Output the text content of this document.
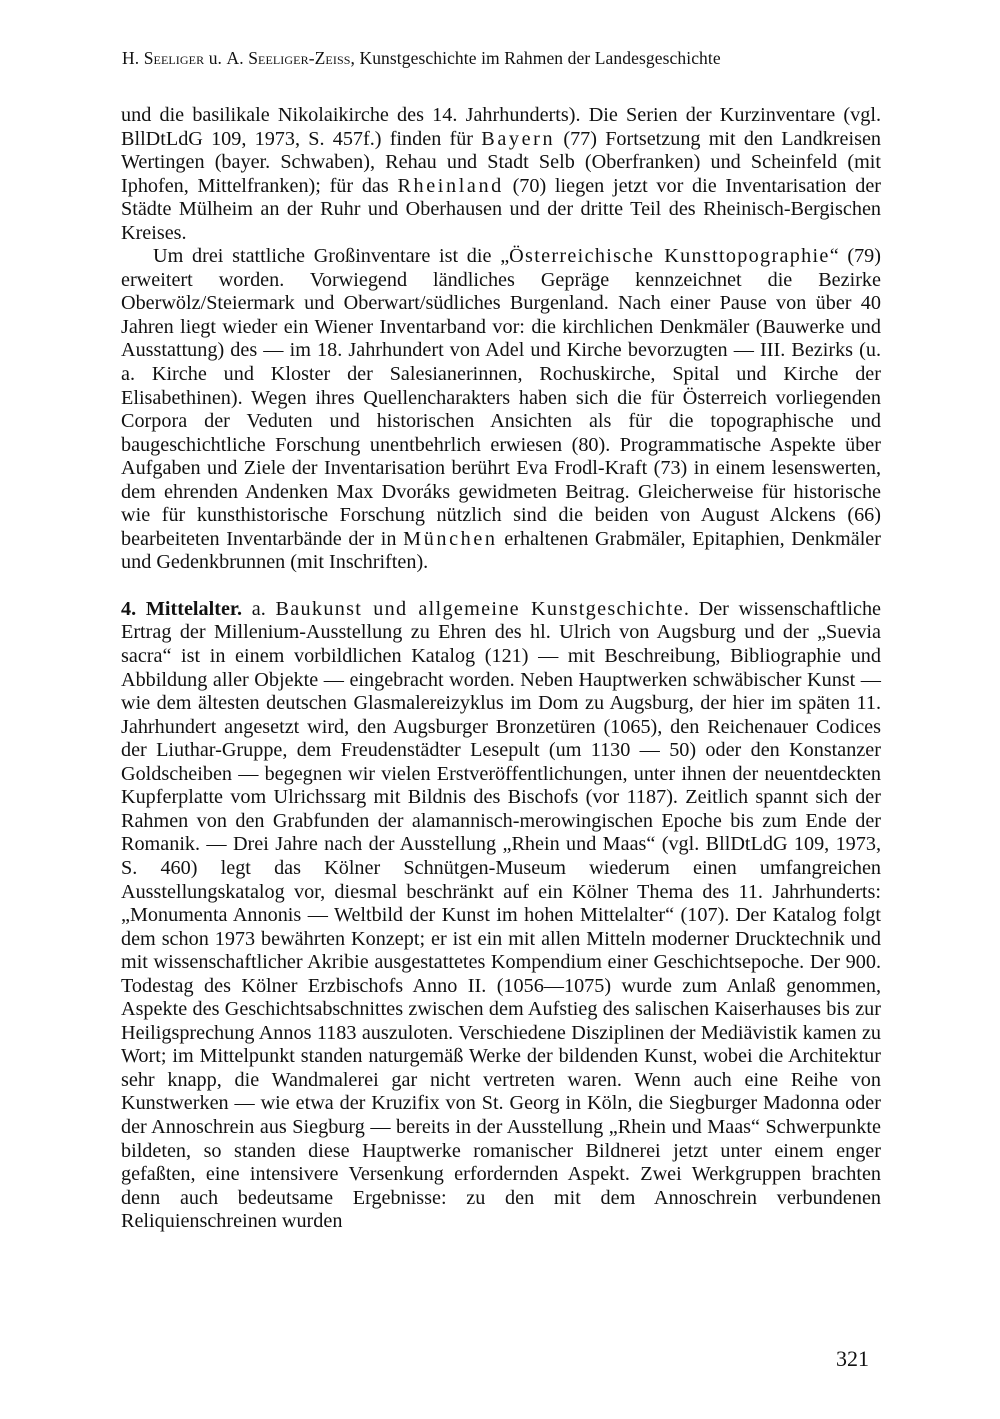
H. Seeliger u. A. Seeliger-Zeiss, Kunstgeschichte im Rahmen der Landesgeschichte

und die basilikale Nikolaikirche des 14. Jahrhunderts). Die Serien der Kurzinventare (vgl. BllDtLdG 109, 1973, S. 457f.) finden für Bayern (77) Fortsetzung mit den Landkreisen Wertingen (bayer. Schwaben), Rehau und Stadt Selb (Oberfranken) und Scheinfeld (mit Iphofen, Mittelfranken); für das Rheinland (70) liegen jetzt vor die Inventarisation der Städte Mülheim an der Ruhr und Oberhausen und der dritte Teil des Rheinisch-Bergischen Kreises.

Um drei stattliche Großinventare ist die „Österreichische Kunsttopographie“ (79) erweitert worden. Vorwiegend ländliches Gepräge kennzeichnet die Bezirke Oberwölz/Steiermark und Oberwart/südliches Burgenland. Nach einer Pause von über 40 Jahren liegt wieder ein Wiener Inventarband vor: die kirchlichen Denkmäler (Bauwerke und Ausstattung) des — im 18. Jahrhundert von Adel und Kirche bevorzugten — III. Bezirks (u. a. Kirche und Kloster der Salesianerinnen, Rochuskirche, Spital und Kirche der Elisabethinen). Wegen ihres Quellencharakters haben sich die für Österreich vorliegenden Corpora der Veduten und historischen Ansichten als für die topographische und baugeschichtliche Forschung unentbehrlich erwiesen (80). Programmatische Aspekte über Aufgaben und Ziele der Inventarisation berührt Eva Frodl-Kraft (73) in einem lesenswerten, dem ehrenden Andenken Max Dvoráks gewidmeten Beitrag. Gleicherweise für historische wie für kunsthistorische Forschung nützlich sind die beiden von August Alckens (66) bearbeiteten Inventarbände der in München erhaltenen Grabmäler, Epitaphien, Denkmäler und Gedenkbrunnen (mit Inschriften).

4. Mittelalter. a. Baukunst und allgemeine Kunstgeschichte. Der wissenschaftliche Ertrag der Millenium-Ausstellung zu Ehren des hl. Ulrich von Augsburg und der „Suevia sacra“ ist in einem vorbildlichen Katalog (121) — mit Beschreibung, Bibliographie und Abbildung aller Objekte — eingebracht worden. Neben Hauptwerken schwäbischer Kunst — wie dem ältesten deutschen Glasmalereizyklus im Dom zu Augsburg, der hier im späten 11. Jahrhundert angesetzt wird, den Augsburger Bronzetüren (1065), den Reichenauer Codices der Liuthar-Gruppe, dem Freudenstädter Lesepult (um 1130 — 50) oder den Konstanzer Goldscheiben — begegnen wir vielen Erstveröffentlichungen, unter ihnen der neuentdeckten Kupferplatte vom Ulrichssarg mit Bildnis des Bischofs (vor 1187). Zeitlich spannt sich der Rahmen von den Grabfunden der alamannisch-merowingischen Epoche bis zum Ende der Romanik. — Drei Jahre nach der Ausstellung „Rhein und Maas“ (vgl. BllDtLdG 109, 1973, S. 460) legt das Kölner Schnütgen-Museum wiederum einen umfangreichen Ausstellungskatalog vor, diesmal beschränkt auf ein Kölner Thema des 11. Jahrhunderts: „Monumenta Annonis — Weltbild der Kunst im hohen Mittelalter“ (107). Der Katalog folgt dem schon 1973 bewährten Konzept; er ist ein mit allen Mitteln moderner Drucktechnik und mit wissenschaftlicher Akribie ausgestattetes Kompendium einer Geschichtsepoche. Der 900. Todestag des Kölner Erzbischofs Anno II. (1056—1075) wurde zum Anlaß genommen, Aspekte des Geschichtsabschnittes zwischen dem Aufstieg des salischen Kaiserhauses bis zur Heiligsprechung Annos 1183 auszuloten. Verschiedene Disziplinen der Mediävistik kamen zu Wort; im Mittelpunkt standen naturgemäß Werke der bildenden Kunst, wobei die Architektur sehr knapp, die Wandmalerei gar nicht vertreten waren. Wenn auch eine Reihe von Kunstwerken — wie etwa der Kruzifix von St. Georg in Köln, die Siegburger Madonna oder der Annoschrein aus Siegburg — bereits in der Ausstellung „Rhein und Maas“ Schwerpunkte bildeten, so standen diese Hauptwerke romanischer Bildnerei jetzt unter einem enger gefaßten, eine intensivere Versenkung erfordernden Aspekt. Zwei Werkgruppen brachten denn auch bedeutsame Ergebnisse: zu den mit dem Annoschrein verbundenen Reliquienschreinen wurden

321
